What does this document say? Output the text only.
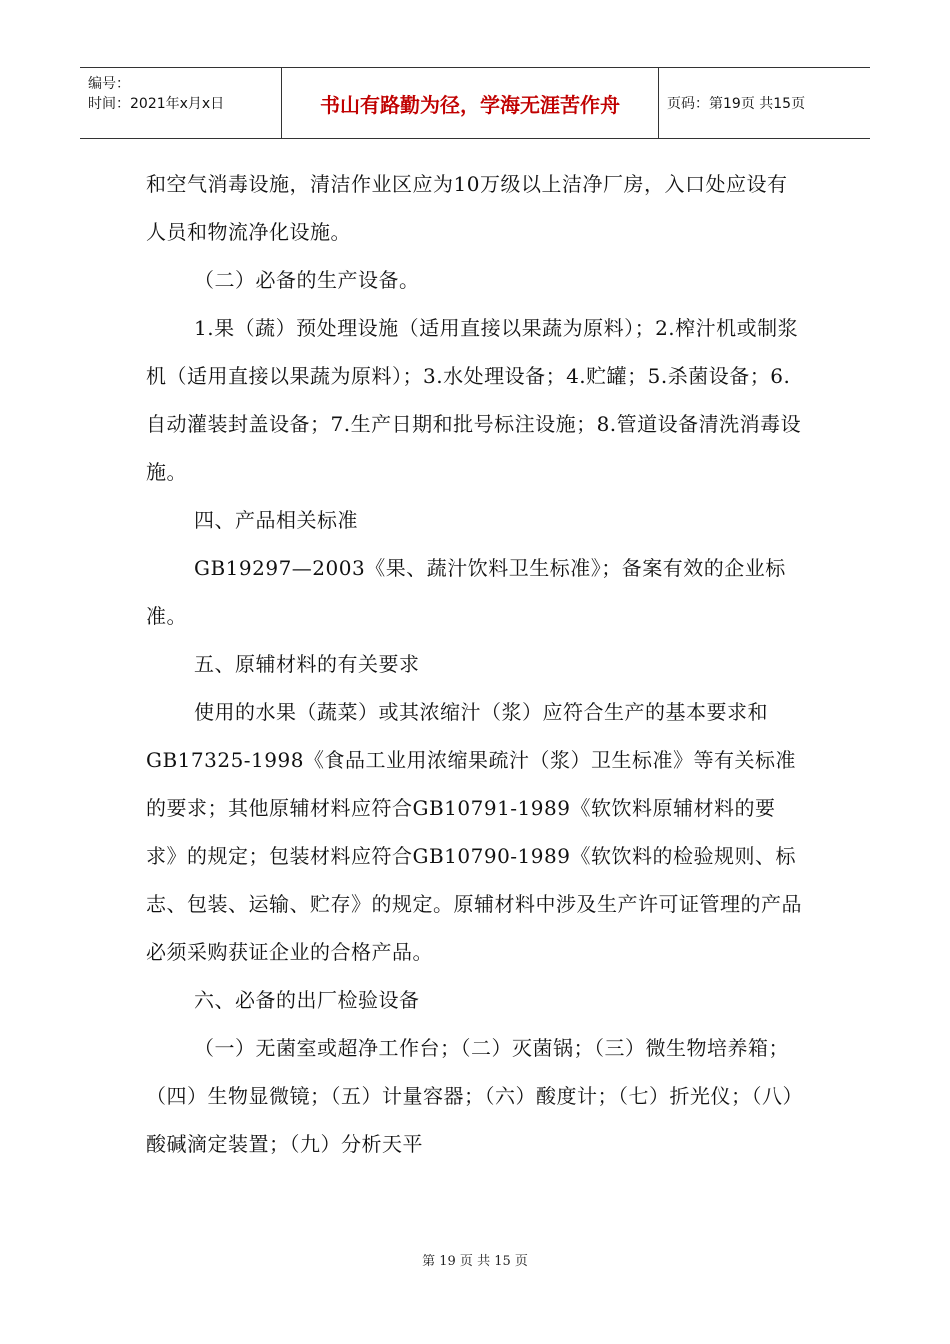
编号：
时间：2021年x月x日	书山有路勤为径，学海无涯苦作舟	页码：第19页 共15页

和空气消毒设施，清洁作业区应为10万级以上洁净厂房，入口处应设有人员和物流净化设施。

（二）必备的生产设备。

1.果（蔬）预处理设施（适用直接以果蔬为原料）；2.榨汁机或制浆机（适用直接以果蔬为原料）；3.水处理设备；4.贮罐；5.杀菌设备；6.自动灌装封盖设备；7.生产日期和批号标注设施；8.管道设备清洗消毒设施。

四、产品相关标准

GB19297—2003《果、蔬汁饮料卫生标准》；备案有效的企业标准。

五、原辅材料的有关要求

使用的水果（蔬菜）或其浓缩汁（浆）应符合生产的基本要求和GB17325-1998《食品工业用浓缩果疏汁（浆）卫生标准》等有关标准的要求；其他原辅材料应符合GB10791-1989《软饮料原辅材料的要求》的规定；包装材料应符合GB10790-1989《软饮料的检验规则、标志、包装、运输、贮存》的规定。原辅材料中涉及生产许可证管理的产品必须采购获证企业的合格产品。

六、必备的出厂检验设备

（一）无菌室或超净工作台；（二）灭菌锅；（三）微生物培养箱；（四）生物显微镜；（五）计量容器；（六）酸度计；（七）折光仪；（八）酸碱滴定装置；（九）分析天平

第 19 页 共 15 页
